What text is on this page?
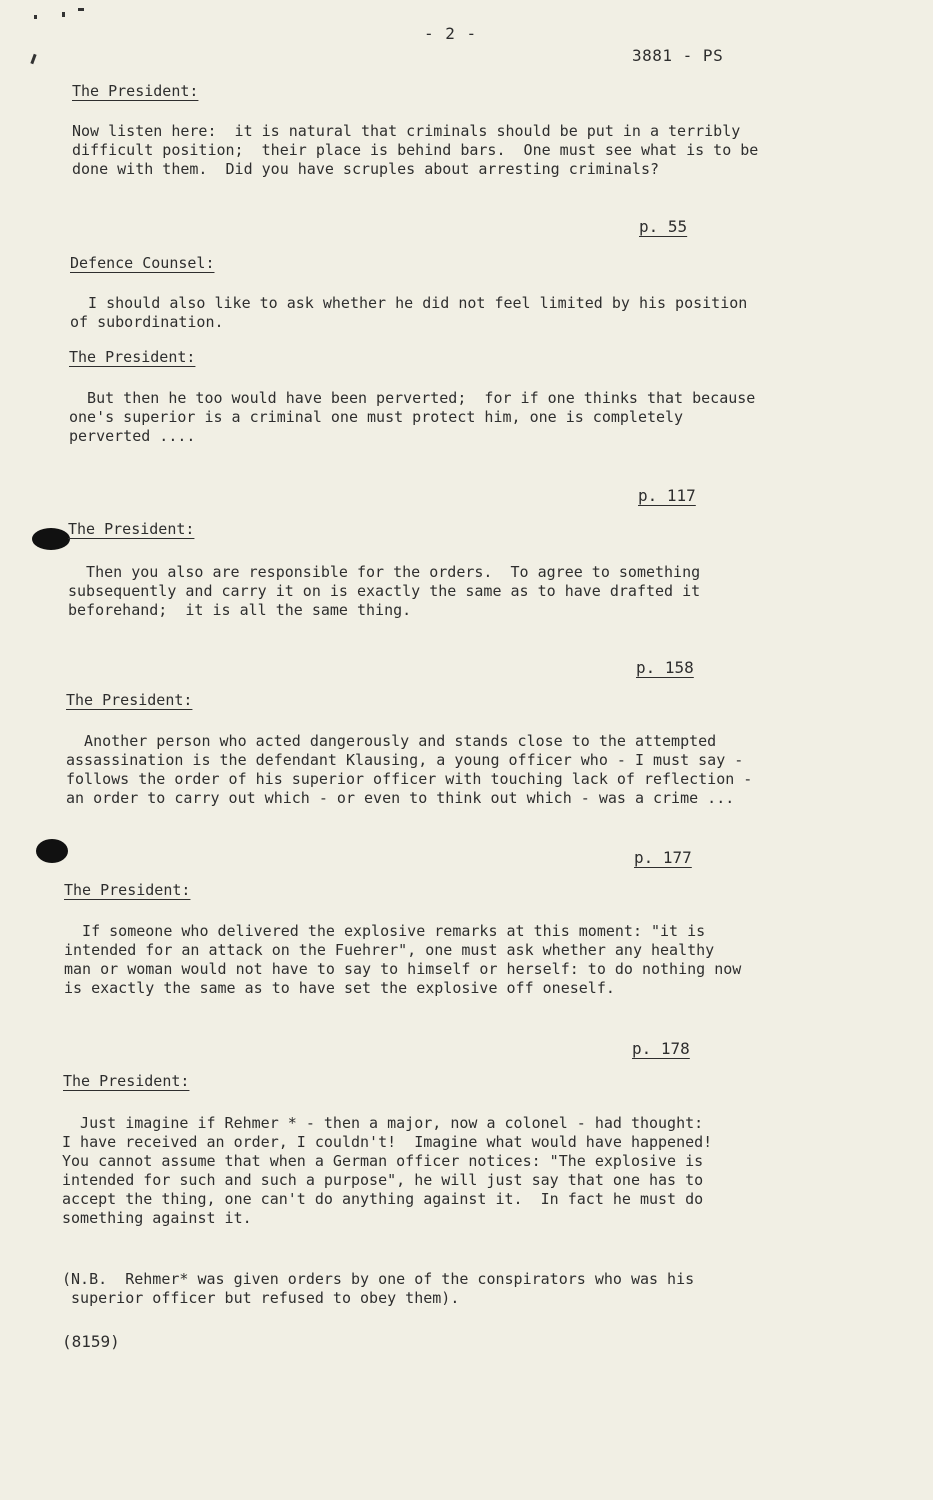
- 2 -
3881 - PS
The President:
Now listen here:  it is natural that criminals should be put in a terribly
difficult position;  their place is behind bars.  One must see what is to be
done with them.  Did you have scruples about arresting criminals?
p. 55
Defence Counsel:
I should also like to ask whether he did not feel limited by his position
of subordination.
The President:
But then he too would have been perverted;  for if one thinks that because
one's superior is a criminal one must protect him, one is completely
perverted ....
p. 117
The President:
Then you also are responsible for the orders.  To agree to something
subsequently and carry it on is exactly the same as to have drafted it
beforehand;  it is all the same thing.
p. 158
The President:
Another person who acted dangerously and stands close to the attempted
assassination is the defendant Klausing, a young officer who - I must say -
follows the order of his superior officer with touching lack of reflection -
an order to carry out which - or even to think out which - was a crime ...
p. 177
The President:
If someone who delivered the explosive remarks at this moment: "it is
intended for an attack on the Fuehrer", one must ask whether any healthy
man or woman would not have to say to himself or herself: to do nothing now
is exactly the same as to have set the explosive off oneself.
p. 178
The President:
Just imagine if Rehmer * - then a major, now a colonel - had thought:
I have received an order, I couldn't!  Imagine what would have happened!
You cannot assume that when a German officer notices: "The explosive is
intended for such and such a purpose", he will just say that one has to
accept the thing, one can't do anything against it.  In fact he must do
something against it.
(N.B.  Rehmer* was given orders by one of the conspirators who was his
superior officer but refused to obey them).
(8159)
